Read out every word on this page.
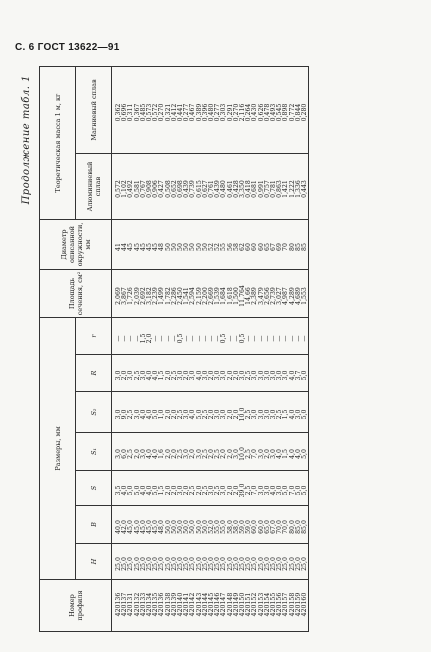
С. 6 ГОСТ 13622—91
Продолжение табл. 1
Номер профиля	Размеры, мм							Площадь сечения, см²	Диаметр описанной окружности, мм	Теоретическая масса 1 м, кг	
	H	B	S	S₁	S₂	R	r			Алюминиевый сплав	Магниевый сплав
420136	25,0	40,0	3,5	3,0	3,0	3,0	—	2,069	41	0,572	0,362
420137	25,0	42,0	4,0	6,0	9,0	2,0	—	3,867	44	1,102	0,696
420131	25,0	45,0	5,0	2,5	2,5	3,0	—	1,726	45	0,492	0,311
420132	25,0	45,0	5,0	2,0	3,0	2,5	—	2,039	45	0,581	0,367
420133	25,0	45,0	4,0	3,0	4,0	3,0	1,5	2,692	45	0,767	0,485
420134	25,0	45,0	4,0	4,0	4,0	4,0	2,0	3,182	45	0,908	0,573
420135	25,0	45,0	5,0	4,0	5,0	4,0	—	2,239	45	0,906	0,572
420136	25,0	48,0	1,5	1,6	1,0	1,5	—	1,499	48	0,427	0,270
420138	25,0	50,0	2,0	2,0	2,0	2,0	—	1,782	50	0,508	0,321
420139	25,0	50,0	2,0	2,0	2,0	2,5	—	2,286	50	0,652	0,412
420140	25,0	50,0	3,0	2,5	2,5	3,0	0,5	2,450	50	0,698	0,441
420141	25,0	50,0	2,0	3,0	3,0	2,0	—	1,541	50	0,439	0,277
420142	25,0	50,0	2,5	2,0	4,0	3,0	—	2,594	50	0,739	0,467
420143	25,0	50,0	2,0	3,0	5,0	4,0	—	2,159	50	0,615	0,389
420144	25,0	50,0	2,5	2,5	2,5	3,0	—	2,200	50	0,627	0,396
420145	25,0	52,0	3,0	2,0	2,0	2,0	—	2,669	52	0,761	0,480
420146	25,0	55,0	2,5	2,5	3,0	3,0	—	1,539	52	0,439	0,277
420147	25,0	55,0	3,0	2,0	3,0	3,0	0,5	1,684	55	0,480	0,303
420148	25,0	58,0	2,0	2,0	2,0	2,0	—	1,618	56	0,461	0,291
420149	25,0	58,0	2,0	3,0	2,0	2,0	—	1,500	58	0,428	0,270
420150	25,0	59,0	39,0	10,0	10,0	3,0	0,5	11,764	62	3,350	2,116
420151	25,0	59,0	2,5	2,5	2,5	2,5	—	14,66	60	0,418	0,264
420152	25,0	60,0	7,0	7,0	3,0	3,0	—	2,389	60	0,681	0,430
420153	25,0	60,0	3,0	3,0	3,0	3,0	—	3,479	60	0,991	0,626
420154	25,0	65,0	3,0	2,0	3,0	3,0	—	2,656	65	0,757	0,478
420155	25,0	67,0	4,0	3,0	3,0	3,0	—	2,739	67	0,781	0,493
420156	25,0	70,0	3,0	4,0	2,5	3,0	—	3,027	69	0,863	0,545
420157	25,0	70,0	5,0	1,5	1,5	3,0	—	4,987	70	1,421	0,898
420158	25,0	80,0	7,0	4,0	4,0	4,0	—	4,289	80	1,222	0,772
420159	25,0	85,0	5,0	4,0	3,0	3,7	—	4,689	85	1,336	0,844
420160	25,0	85,0	5,0	5,0	5,0	5,0	—	1,553	85	0,443	0,280
